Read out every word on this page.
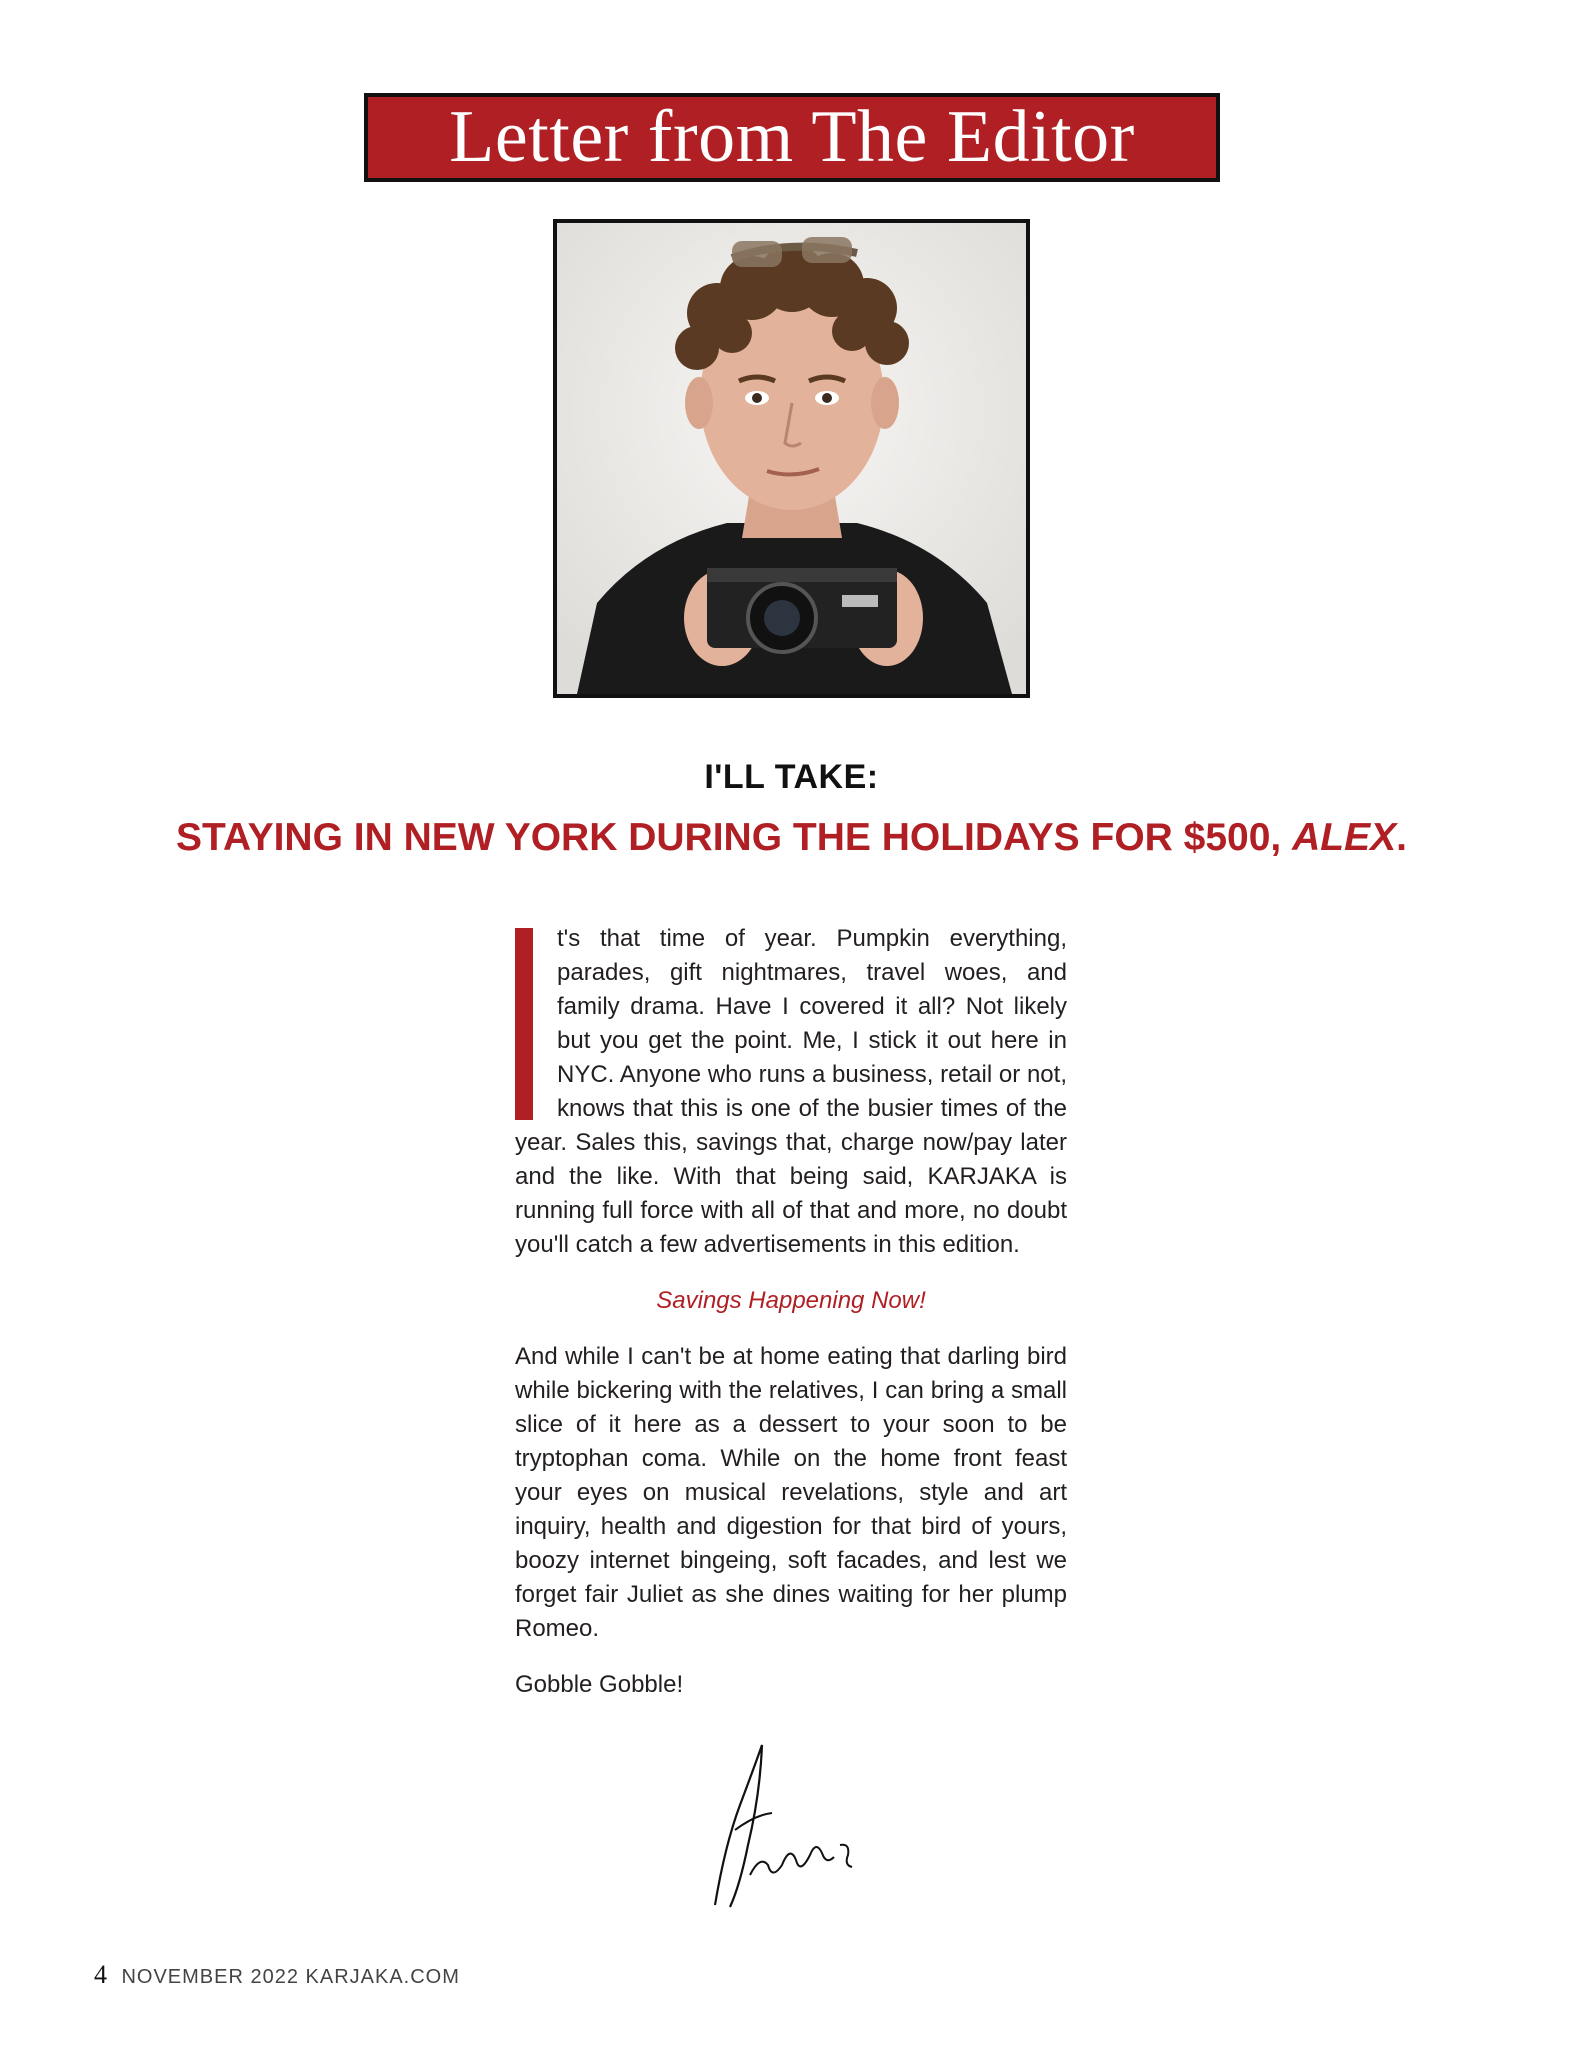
Letter from The Editor
I'LL TAKE:
STAYING IN NEW YORK DURING THE HOLIDAYS FOR $500, ALEX.

t's that time of year. Pumpkin everything, parades, gift nightmares, travel woes, and family drama. Have I covered it all? Not likely but you get the point. Me, I stick it out here in NYC. Anyone who runs a business, retail or not, knows that this is one of the busier times of the year. Sales this, savings that, charge now/pay later and the like. With that being said, KARJAKA is running full force with all of that and more, no doubt you'll catch a few advertisements in this edition.

Savings Happening Now!

And while I can't be at home eating that darling bird while bickering with the relatives, I can bring a small slice of it here as a dessert to your soon to be tryptophan coma. While on the home front feast your eyes on musical revelations, style and art inquiry, health and digestion for that bird of yours, boozy internet bingeing, soft facades, and lest we forget fair Juliet as she dines waiting for her plump Romeo.

Gobble Gobble!

4 NOVEMBER 2022 KARJAKA.COM
